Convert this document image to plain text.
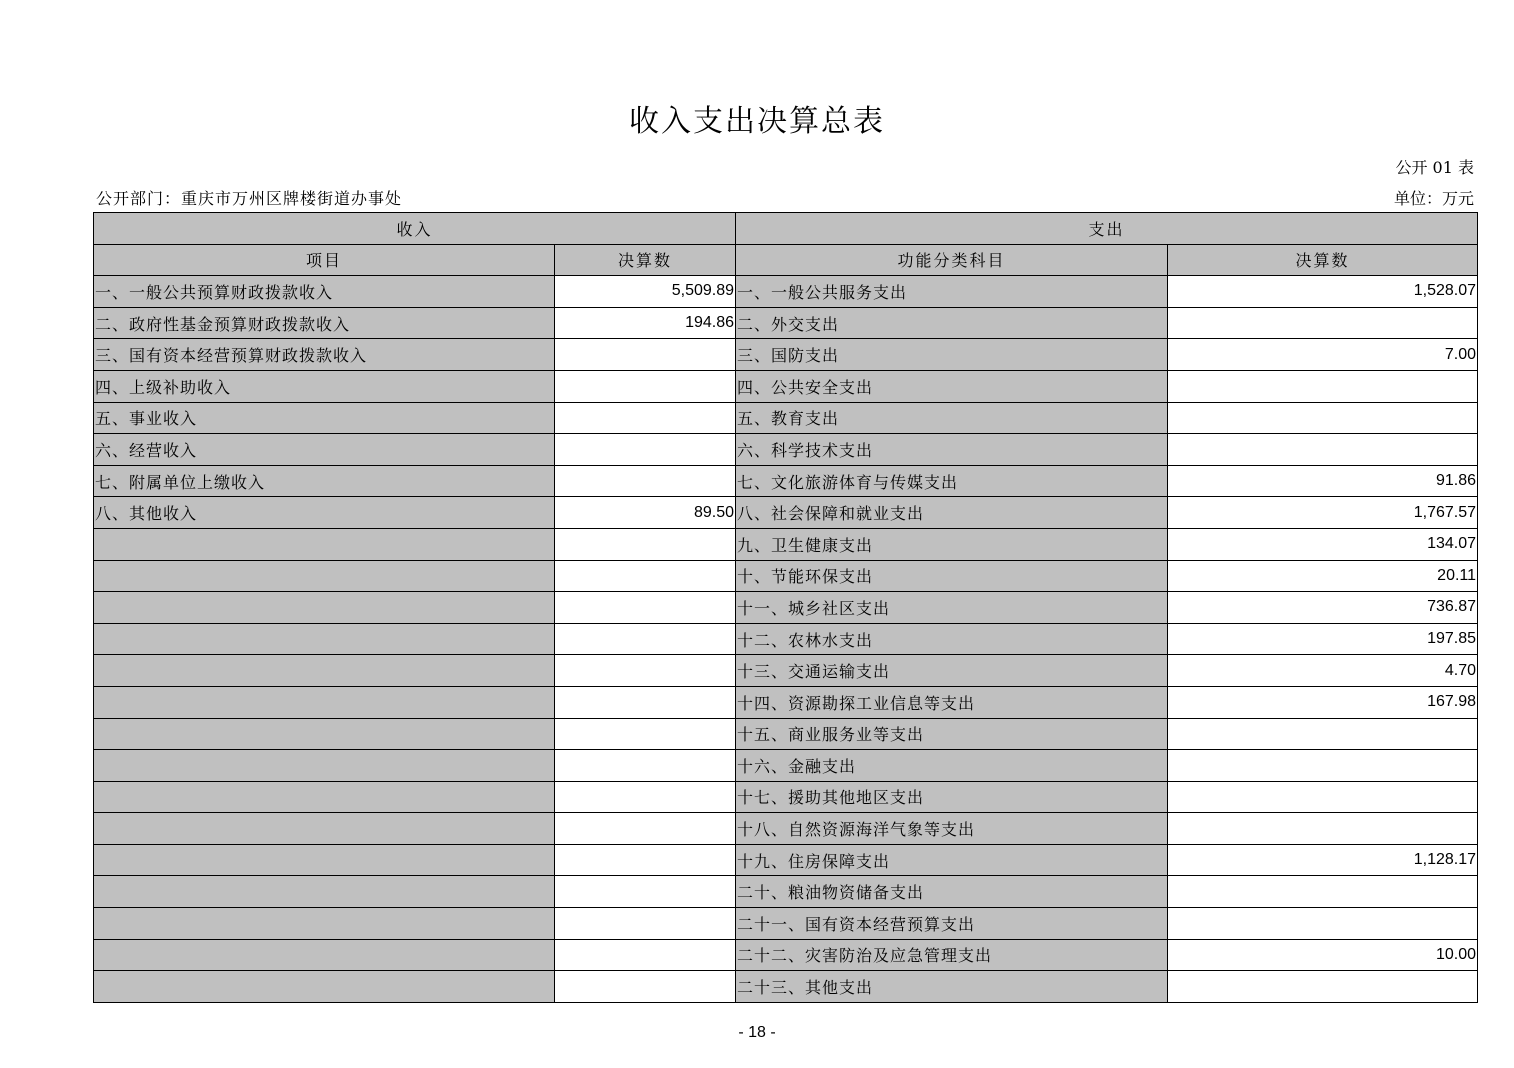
收入支出决算总表
公开 01 表
公开部门：重庆市万州区牌楼街道办事处	单位：万元
收入		支出	
项目	决算数	功能分类科目	决算数
一、一般公共预算财政拨款收入	5,509.89	一、一般公共服务支出	1,528.07
二、政府性基金预算财政拨款收入	194.86	二、外交支出	
三、国有资本经营预算财政拨款收入		三、国防支出	7.00
四、上级补助收入		四、公共安全支出	
五、事业收入		五、教育支出	
六、经营收入		六、科学技术支出	
七、附属单位上缴收入		七、文化旅游体育与传媒支出	91.86
八、其他收入	89.50	八、社会保障和就业支出	1,767.57
		九、卫生健康支出	134.07
		十、节能环保支出	20.11
		十一、城乡社区支出	736.87
		十二、农林水支出	197.85
		十三、交通运输支出	4.70
		十四、资源勘探工业信息等支出	167.98
		十五、商业服务业等支出	
		十六、金融支出	
		十七、援助其他地区支出	
		十八、自然资源海洋气象等支出	
		十九、住房保障支出	1,128.17
		二十、粮油物资储备支出	
		二十一、国有资本经营预算支出	
		二十二、灾害防治及应急管理支出	10.00
		二十三、其他支出	
- 18 -
